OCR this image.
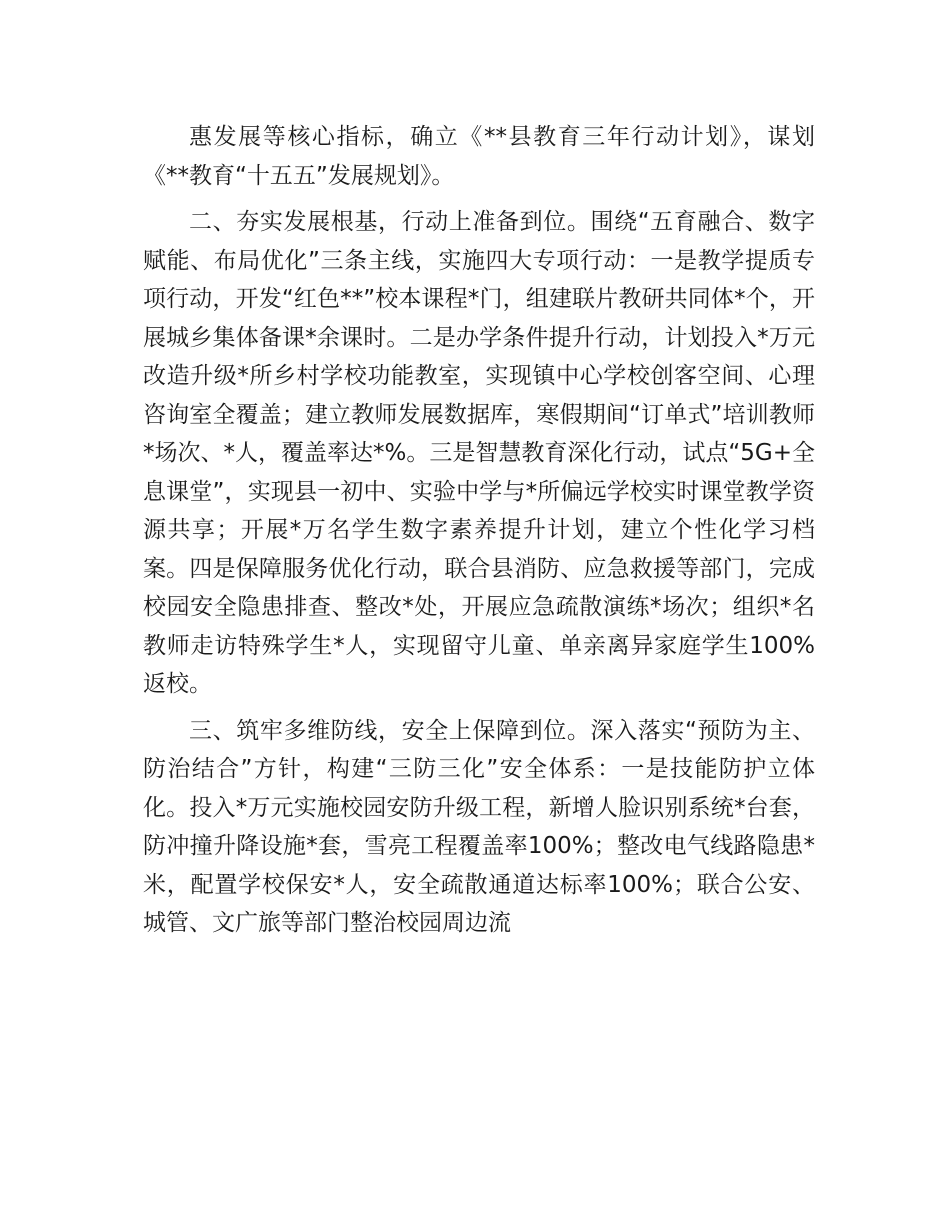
惠发展等核心指标，确立《**县教育三年行动计划》，谋划《**教育“十五五”发展规划》。

二、夯实发展根基，行动上准备到位。围绕“五育融合、数字赋能、布局优化”三条主线，实施四大专项行动：一是教学提质专项行动，开发“红色**”校本课程*门，组建联片教研共同体*个，开展城乡集体备课*余课时。二是办学条件提升行动，计划投入*万元改造升级*所乡村学校功能教室，实现镇中心学校创客空间、心理咨询室全覆盖；建立教师发展数据库，寒假期间“订单式”培训教师*场次、*人，覆盖率达*%。三是智慧教育深化行动，试点“5G+全息课堂”，实现县一初中、实验中学与*所偏远学校实时课堂教学资源共享；开展*万名学生数字素养提升计划，建立个性化学习档案。四是保障服务优化行动，联合县消防、应急救援等部门，完成校园安全隐患排查、整改*处，开展应急疏散演练*场次；组织*名教师走访特殊学生*人，实现留守儿童、单亲离异家庭学生100%返校。

三、筑牢多维防线，安全上保障到位。深入落实“预防为主、防治结合”方针，构建“三防三化”安全体系：一是技能防护立体化。投入*万元实施校园安防升级工程，新增人脸识别系统*台套，防冲撞升降设施*套，雪亮工程覆盖率100%；整改电气线路隐患*米，配置学校保安*人，安全疏散通道达标率100%；联合公安、城管、文广旅等部门整治校园周边流
